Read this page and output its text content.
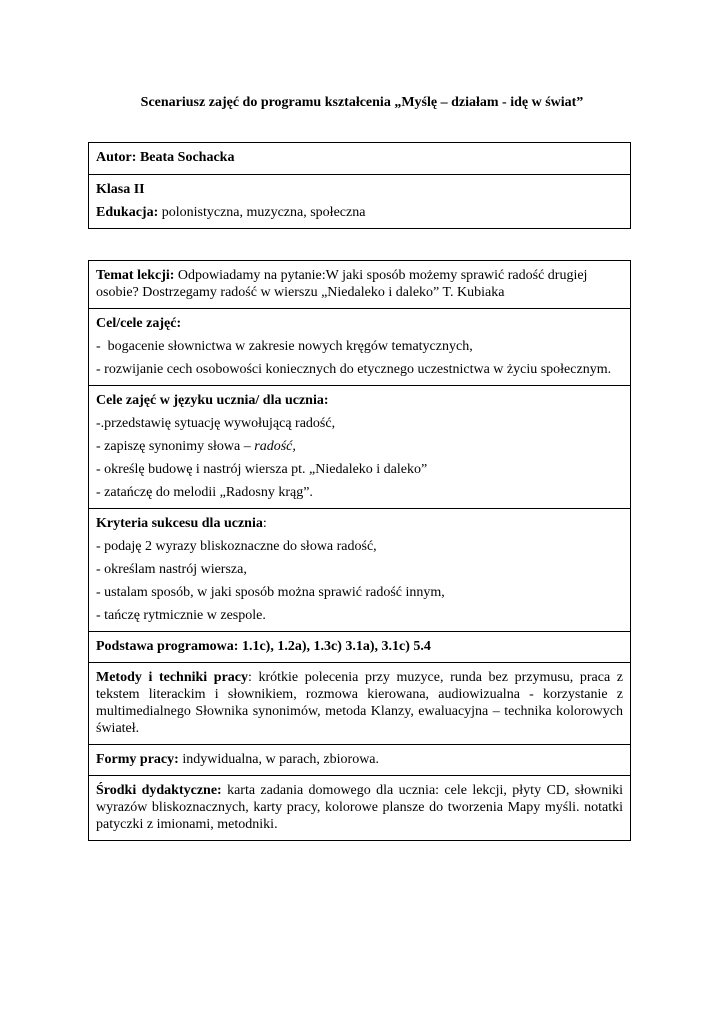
Scenariusz zajęć do programu kształcenia „Myślę – działam - idę w świat”
Autor: Beata Sochacka
Klasa II
Edukacja: polonistyczna, muzyczna, społeczna
Temat lekcji: Odpowiadamy na pytanie:W jaki sposób możemy sprawić radość drugiej osobie? Dostrzegamy radość w wierszu „Niedaleko i daleko” T. Kubiaka
Cel/cele zajęć:
- bogacenie słownictwa w zakresie nowych kręgów tematycznych,
- rozwijanie cech osobowości koniecznych do etycznego uczestnictwa w życiu społecznym.
Cele zajęć w języku ucznia/ dla ucznia:
-.przedstawię sytuację wywołującą radość,
- zapiszę synonimy słowa – radość,
- określę budowę i nastrój wiersza pt. „Niedaleko i daleko”
- zatańczę do melodii „Radosny krąg”.
Kryteria sukcesu dla ucznia:
- podaję 2 wyrazy bliskoznaczne do słowa radość,
- określam nastrój wiersza,
- ustalam sposób, w jaki sposób można sprawić radość innym,
- tańczę rytmicznie w zespole.
Podstawa programowa: 1.1c), 1.2a), 1.3c) 3.1a), 3.1c) 5.4
Metody i techniki pracy: krótkie polecenia przy muzyce, runda bez przymusu, praca z tekstem literackim i słownikiem, rozmowa kierowana, audiowizualna - korzystanie z multimedialnego Słownika synonimów, metoda Klanzy, ewaluacyjna – technika kolorowych świateł.
Formy pracy: indywidualna, w parach, zbiorowa.
Środki dydaktyczne: karta zadania domowego dla ucznia: cele lekcji, płyty CD, słowniki wyrazów bliskoznacznych, karty pracy, kolorowe plansze do tworzenia Mapy myśli. notatki patyczki z imionami, metodniki.
